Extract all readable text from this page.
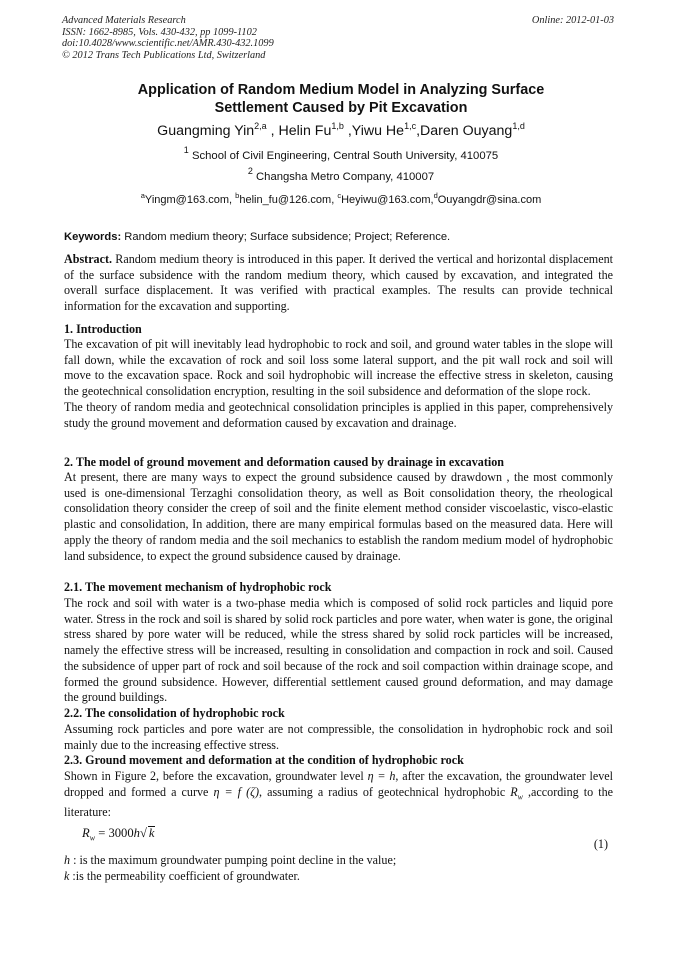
Advanced Materials Research
ISSN: 1662-8985, Vols. 430-432, pp 1099-1102
doi:10.4028/www.scientific.net/AMR.430-432.1099
© 2012 Trans Tech Publications Ltd, Switzerland
Online: 2012-01-03
Application of Random Medium Model in Analyzing Surface
Settlement Caused by Pit Excavation
Guangming Yin$^{2,a}$ , Helin Fu$^{1,b}$ ,Yiwu He$^{1,c}$,Daren Ouyang$^{1,d}$
$^1$ School of Civil Engineering, Central South University, 410075
$^2$ Changsha Metro Company, 410007
$^a$Yingm@163.com, $^b$helin_fu@126.com, $^c$Heyiwu@163.com,$^d$Ouyangdr@sina.com
Keywords: Random medium theory; Surface subsidence; Project; Reference.

Abstract. Random medium theory is introduced in this paper. It derived the vertical and horizontal displacement of the surface subsidence with the random medium theory, which caused by excavation, and integrated the overall surface displacement. It was verified with practical examples. The results can provide technical information for the excavation and supporting.

1. Introduction

The excavation of pit will inevitably lead hydrophobic to rock and soil, and ground water tables in the slope will fall down, while the excavation of rock and soil loss some lateral support, and the pit wall rock and soil will move to the excavation space. Rock and soil hydrophobic will increase the effective stress in skeleton, causing the geotechnical consolidation encryption, resulting in the soil subsidence and deformation of the slope rock.

The theory of random media and geotechnical consolidation principles is applied in this paper, comprehensively study the ground movement and deformation caused by excavation and drainage.

2. The model of ground movement and deformation caused by drainage in excavation

At present, there are many ways to expect the ground subsidence caused by drawdown , the most commonly used is one-dimensional Terzaghi consolidation theory, as well as Boit consolidation theory, the rheological consolidation theory consider the creep of soil and the finite element method consider viscoelastic, visco-elastic plastic and consolidation, In addition, there are many empirical formulas based on the measured data. Here will apply the theory of random media and the soil mechanics to establish the random medium model of hydrophobic land subsidence, to expect the ground subsidence caused by drainage.

2.1. The movement mechanism of hydrophobic rock

The rock and soil with water is a two-phase media which is composed of solid rock particles and liquid pore water. Stress in the rock and soil is shared by solid rock particles and pore water, when water is gone, the original stress shared by pore water will be reduced, while the stress shared by solid rock particles will be increased, namely the effective stress will be increased, resulting in consolidation and compaction in rock and soil. Caused the subsidence of upper part of rock and soil because of the rock and soil compaction within drainage scope, and formed the ground subsidence. However, differential settlement caused ground deformation, and may damage the ground buildings.

2.2. The consolidation of hydrophobic rock

Assuming rock particles and pore water are not compressible, the consolidation in hydrophobic rock and soil mainly due to the increasing effective stress.

2.3. Ground movement and deformation at the condition of hydrophobic rock

Shown in Figure 2, before the excavation, groundwater level η = h, after the excavation, the groundwater level dropped and formed a curve η = f (ζ), assuming a radius of geotechnical hydrophobic $R_w$ ,according to the literature:

$R_w = 3000h√$ k
(1)
h : is the maximum groundwater pumping point decline in the value;
k :is the permeability coefficient of groundwater.
